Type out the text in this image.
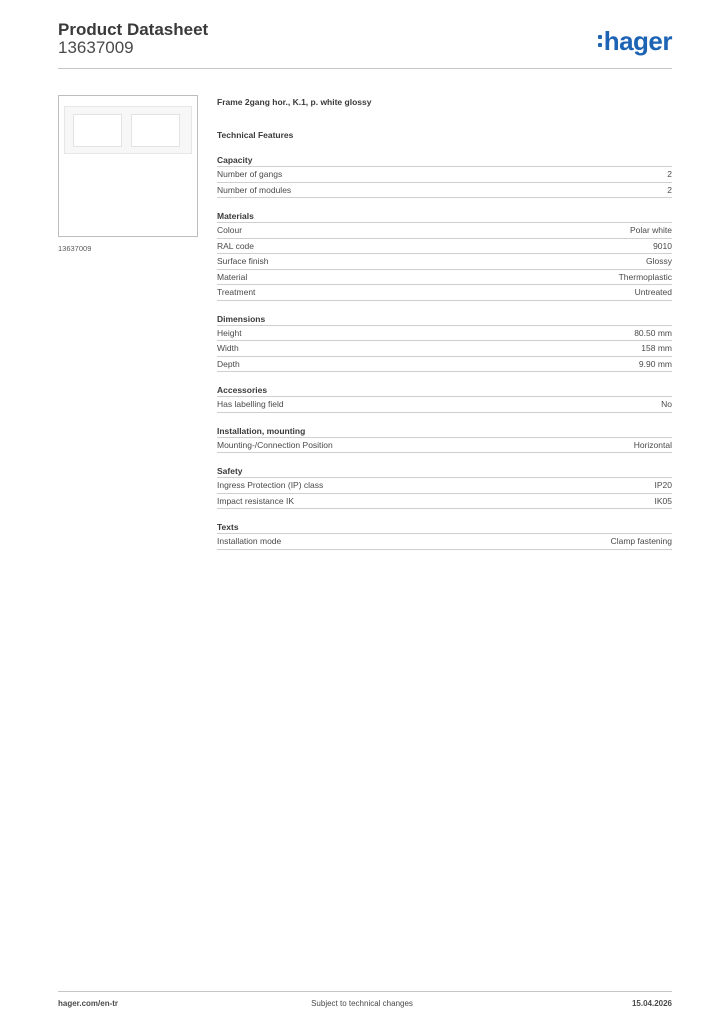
Product Datasheet
13637009	hager
13637009
Frame 2gang hor., K.1, p. white glossy
Technical Features
Capacity
Number of gangs	2
Number of modules	2
Materials
Colour	Polar white
RAL code	9010
Surface finish	Glossy
Material	Thermoplastic
Treatment	Untreated
Dimensions
Height	80.50 mm
Width	158 mm
Depth	9.90 mm
Accessories
Has labelling field	No
Installation, mounting
Mounting-/Connection Position	Horizontal
Safety
Ingress Protection (IP) class	IP20
Impact resistance IK	IK05
Texts
Installation mode	Clamp fastening
hager.com/en-tr	Subject to technical changes	15.04.2026
